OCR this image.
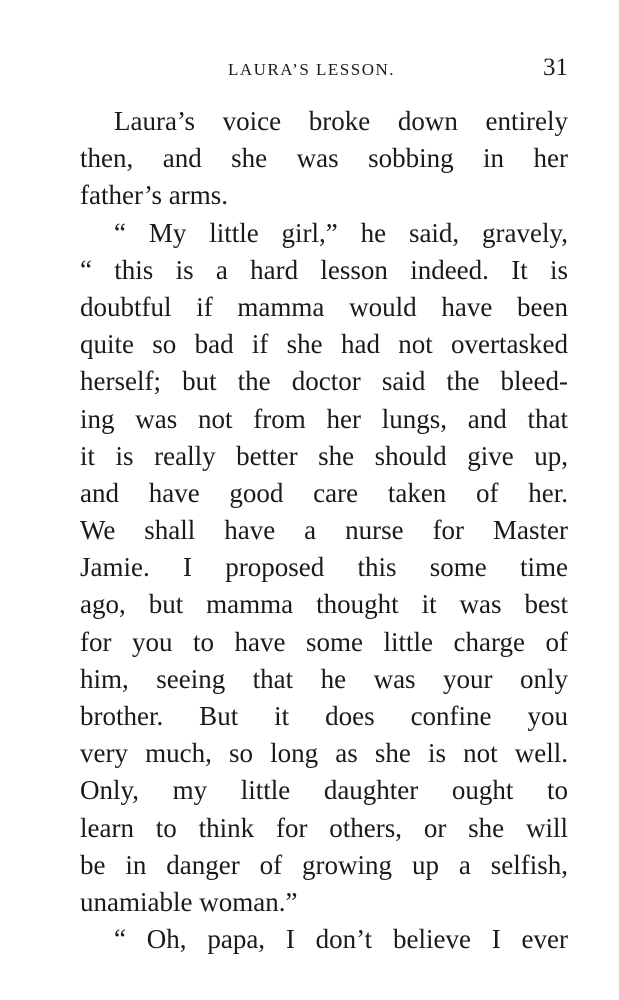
LAURA’S LESSON.	31
Laura’s voice broke down entirely
then, and she was sobbing in her
father’s arms.
“ My little girl,” he said, gravely,
“ this is a hard lesson indeed. It is
doubtful if mamma would have been
quite so bad if she had not overtasked
herself; but the doctor said the bleed-
ing was not from her lungs, and that
it is really better she should give up,
and have good care taken of her.
We shall have a nurse for Master
Jamie. I proposed this some time
ago, but mamma thought it was best
for you to have some little charge of
him, seeing that he was your only
brother. But it does confine you
very much, so long as she is not well.
Only, my little daughter ought to
learn to think for others, or she will
be in danger of growing up a selfish,
unamiable woman.”
“ Oh, papa, I don’t believe I ever
